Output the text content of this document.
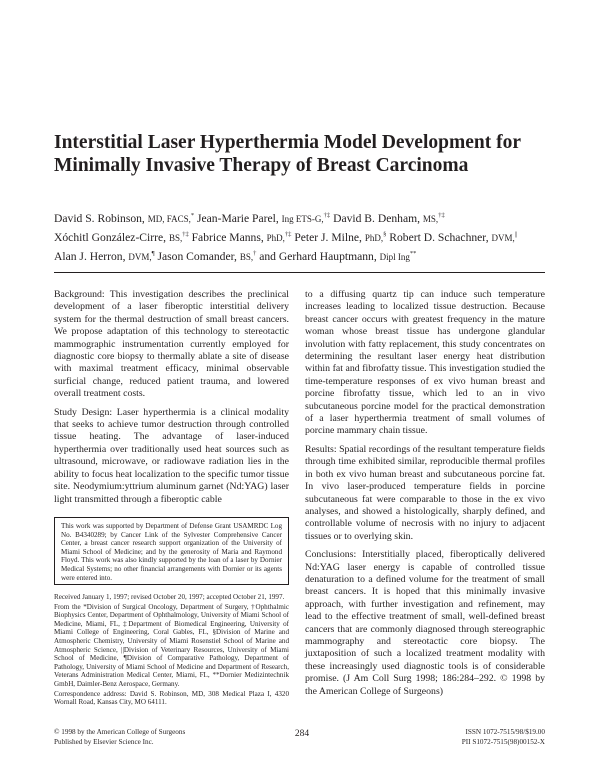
Interstitial Laser Hyperthermia Model Development for
Minimally Invasive Therapy of Breast Carcinoma
David S. Robinson, MD, FACS,* Jean-Marie Parel, Ing ETS-G,†‡ David B. Denham, MS,†‡
Xóchitl González-Cirre, BS,†‡ Fabrice Manns, PhD,†‡ Peter J. Milne, PhD,§ Robert D. Schachner, DVM,||
Alan J. Herron, DVM,¶ Jason Comander, BS,† and Gerhard Hauptmann, Dipl Ing**

Background: This investigation describes the preclinical development of a laser fiberoptic interstitial delivery system for the thermal destruction of small breast cancers. We propose adaptation of this technology to stereotactic mammographic instrumentation currently employed for diagnostic core biopsy to thermally ablate a site of disease with maximal treatment efficacy, minimal observable surficial change, reduced patient trauma, and lowered overall treatment costs.

Study Design: Laser hyperthermia is a clinical modality that seeks to achieve tumor destruction through controlled tissue heating. The advantage of laser-induced hyperthermia over traditionally used heat sources such as ultrasound, microwave, or radiowave radiation lies in the ability to focus heat localization to the specific tumor tissue site. Neodymium:yttrium aluminum garnet (Nd:YAG) laser light transmitted through a fiberoptic cable

to a diffusing quartz tip can induce such temperature increases leading to localized tissue destruction. Because breast cancer occurs with greatest frequency in the mature woman whose breast tissue has undergone glandular involution with fatty replacement, this study concentrates on determining the resultant laser energy heat distribution within fat and fibrofatty tissue. This investigation studied the time-temperature responses of ex vivo human breast and porcine fibrofatty tissue, which led to an in vivo subcutaneous porcine model for the practical demonstration of a laser hyperthermia treatment of small volumes of porcine mammary chain tissue.

Results: Spatial recordings of the resultant temperature fields through time exhibited similar, reproducible thermal profiles in both ex vivo human breast and subcutaneous porcine fat. In vivo laser-produced temperature fields in porcine subcutaneous fat were comparable to those in the ex vivo analyses, and showed a histologically, sharply defined, and controllable volume of necrosis with no injury to adjacent tissues or to overlying skin.

Conclusions: Interstitially placed, fiberoptically delivered Nd:YAG laser energy is capable of controlled tissue denaturation to a defined volume for the treatment of small breast cancers. It is hoped that this minimally invasive approach, with further investigation and refinement, may lead to the effective treatment of small, well-defined breast cancers that are commonly diagnosed through stereographic mammography and stereotactic core biopsy. The juxtaposition of such a localized treatment modality with these increasingly used diagnostic tools is of considerable promise. (J Am Coll Surg 1998; 186:284–292. © 1998 by the American College of Surgeons)

This work was supported by Department of Defense Grant USAMRDC Log No. B4340289; by Cancer Link of the Sylvester Comprehensive Cancer Center, a breast cancer research support organization of the University of Miami School of Medicine; and by the generosity of Maria and Raymond Floyd. This work was also kindly supported by the loan of a laser by Dornier Medical Systems; no other financial arrangements with Dornier or its agents were entered into.

Received January 1, 1997; revised October 20, 1997; accepted October 21, 1997.

From the *Division of Surgical Oncology, Department of Surgery, †Ophthalmic Biophysics Center, Department of Ophthalmology, University of Miami School of Medicine, Miami, FL, ‡Department of Biomedical Engineering, University of Miami College of Engineering, Coral Gables, FL, §Division of Marine and Atmospheric Chemistry, University of Miami Rosenstiel School of Marine and Atmospheric Science, ||Division of Veterinary Resources, University of Miami School of Medicine, ¶Division of Comparative Pathology, Department of Pathology, University of Miami School of Medicine and Department of Research, Veterans Administration Medical Center, Miami, FL, **Dornier Medizintechnik GmbH, Daimler-Benz Aerospace, Germany.

Correspondence address: David S. Robinson, MD, 308 Medical Plaza I, 4320 Wornall Road, Kansas City, MO 64111.

© 1998 by the American College of Surgeons
Published by Elsevier Science Inc.
284	ISSN 1072-7515/98/$19.00
PII S1072-7515(98)00152-X
